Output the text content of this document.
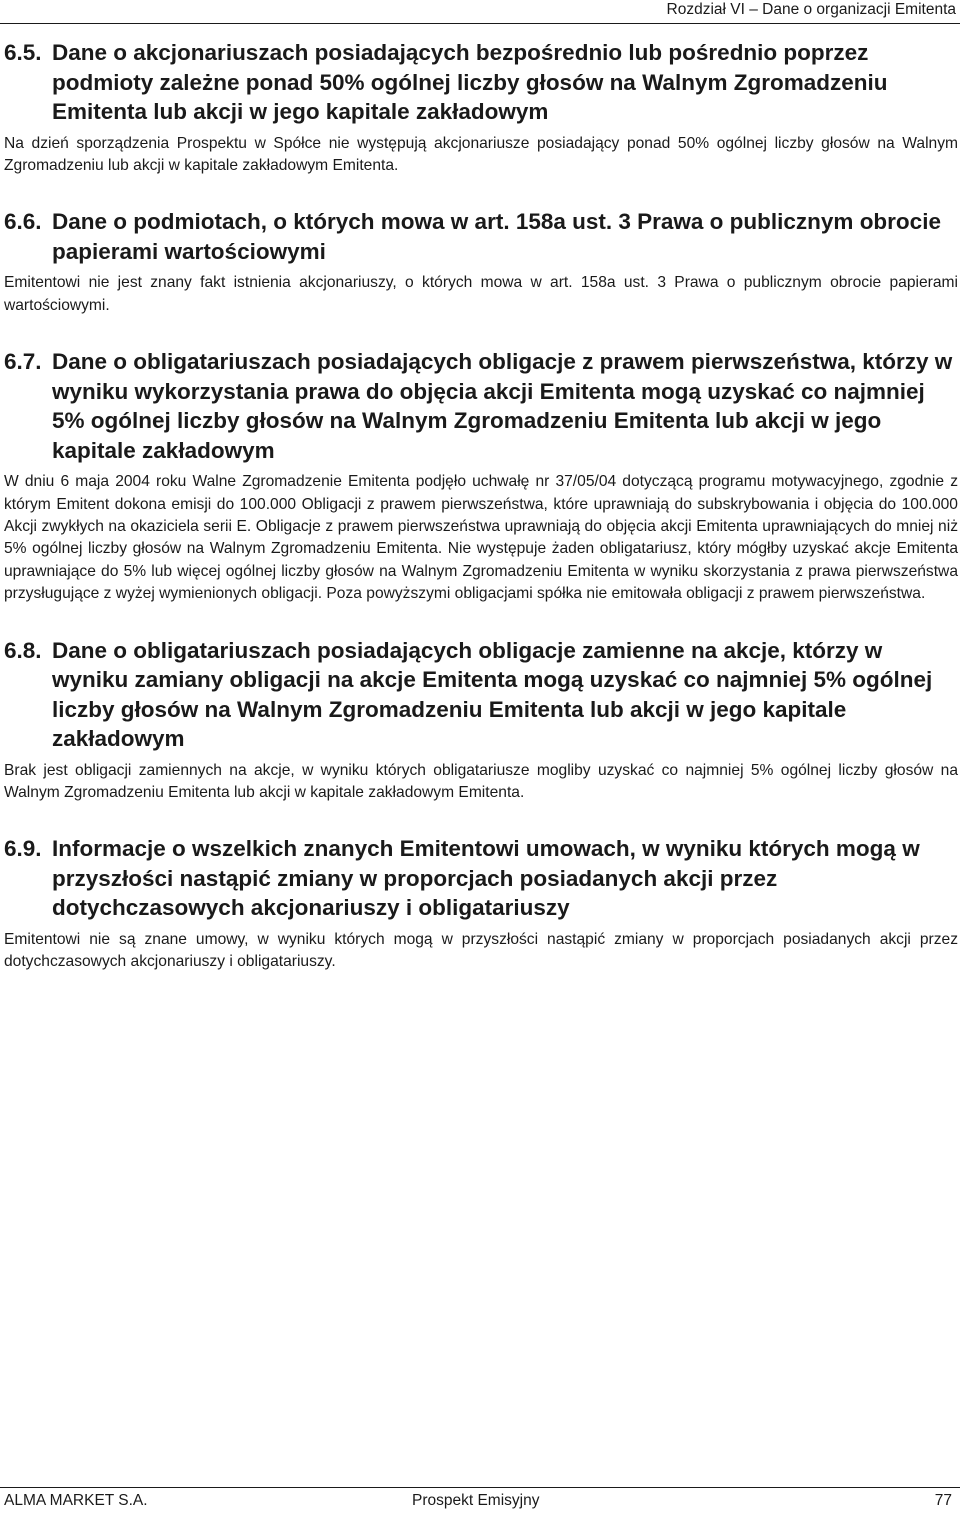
Rozdział VI – Dane o organizacji Emitenta
6.5. Dane o akcjonariuszach posiadających bezpośrednio lub pośrednio poprzez podmioty zależne ponad 50% ogólnej liczby głosów na Walnym Zgromadzeniu Emitenta lub akcji w jego kapitale zakładowym

Na dzień sporządzenia Prospektu w Spółce nie występują akcjonariusze posiadający ponad 50% ogólnej liczby głosów na Walnym Zgromadzeniu lub akcji w kapitale zakładowym Emitenta.

6.6. Dane o podmiotach, o których mowa w art. 158a ust. 3 Prawa o publicznym obrocie papierami wartościowymi

Emitentowi nie jest znany fakt istnienia akcjonariuszy, o których mowa w art. 158a ust. 3 Prawa o publicznym obrocie papierami wartościowymi.

6.7. Dane o obligatariuszach posiadających obligacje z prawem pierwszeństwa, którzy w wyniku wykorzystania prawa do objęcia akcji Emitenta mogą uzyskać co najmniej 5% ogólnej liczby głosów na Walnym Zgromadzeniu Emitenta lub akcji w jego kapitale zakładowym

W dniu 6 maja 2004 roku Walne Zgromadzenie Emitenta podjęło uchwałę nr 37/05/04 dotyczącą programu motywacyjnego, zgodnie z którym Emitent dokona emisji do 100.000 Obligacji z prawem pierwszeństwa, które uprawniają do subskrybowania i objęcia do 100.000 Akcji zwykłych na okaziciela serii E. Obligacje z prawem pierwszeństwa uprawniają do objęcia akcji Emitenta uprawniających do mniej niż 5% ogólnej liczby głosów na Walnym Zgromadzeniu Emitenta. Nie występuje żaden obligatariusz, który mógłby uzyskać akcje Emitenta uprawniające do 5% lub więcej ogólnej liczby głosów na Walnym Zgromadzeniu Emitenta w wyniku skorzystania z prawa pierwszeństwa przysługujące z wyżej wymienionych obligacji. Poza powyższymi obligacjami spółka nie emitowała obligacji z prawem pierwszeństwa.

6.8. Dane o obligatariuszach posiadających obligacje zamienne na akcje, którzy w wyniku zamiany obligacji na akcje Emitenta mogą uzyskać co najmniej 5% ogólnej liczby głosów na Walnym Zgromadzeniu Emitenta lub akcji w jego kapitale zakładowym

Brak jest obligacji zamiennych na akcje, w wyniku których obligatariusze mogliby uzyskać co najmniej 5% ogólnej liczby głosów na Walnym Zgromadzeniu Emitenta lub akcji w kapitale zakładowym Emitenta.

6.9. Informacje o wszelkich znanych Emitentowi umowach, w wyniku których mogą w przyszłości nastąpić zmiany w proporcjach posiadanych akcji przez dotychczasowych akcjonariuszy i obligatariuszy

Emitentowi nie są znane umowy, w wyniku których mogą w przyszłości nastąpić zmiany w proporcjach posiadanych akcji przez dotychczasowych akcjonariuszy i obligatariuszy.

ALMA MARKET S.A.	Prospekt Emisyjny	77
